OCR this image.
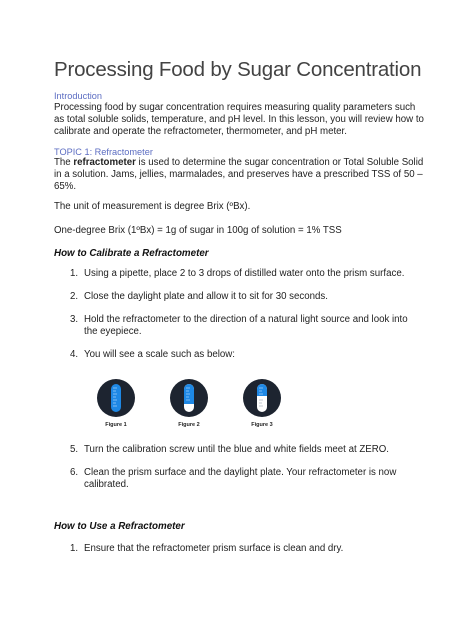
Processing Food by Sugar Concentration
Introduction
Processing food by sugar concentration requires measuring quality parameters such as total soluble solids, temperature, and pH level. In this lesson, you will review how to calibrate and operate the refractometer, thermometer, and pH meter.
TOPIC 1: Refractometer
The refractometer is used to determine the sugar concentration or Total Soluble Solid in a solution. Jams, jellies, marmalades, and preserves have a prescribed TSS of 50 – 65%.
The unit of measurement is degree Brix (ºBx).
One-degree Brix (1ºBx) = 1g of sugar in 100g of solution = 1% TSS
How to Calibrate a Refractometer
1. Using a pipette, place 2 to 3 drops of distilled water onto the prism surface.
2. Close the daylight plate and allow it to sit for 30 seconds.
3. Hold the refractometer to the direction of a natural light source and look into the eyepiece.
4. You will see a scale such as below:
Figure 1	Figure 2	Figure 3
5. Turn the calibration screw until the blue and white fields meet at ZERO.
6. Clean the prism surface and the daylight plate. Your refractometer is now calibrated.
How to Use a Refractometer
1. Ensure that the refractometer prism surface is clean and dry.
